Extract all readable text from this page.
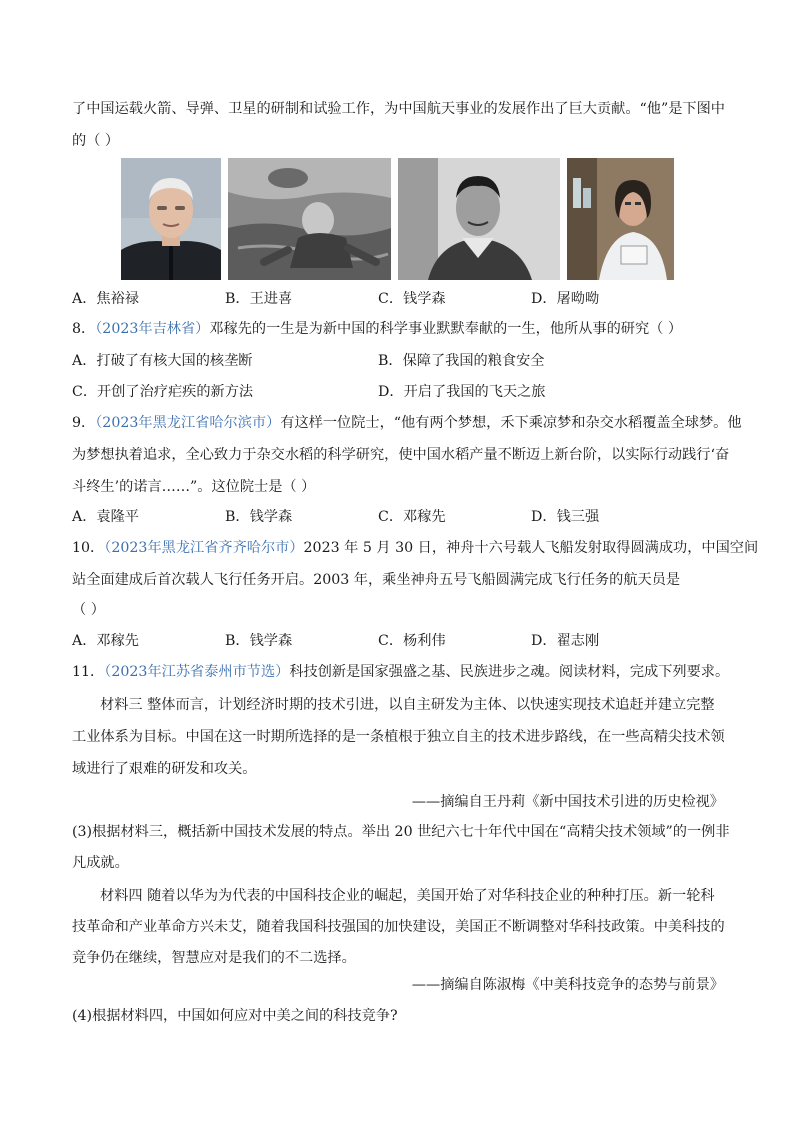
了中国运载火箭、导弹、卫星的研制和试验工作，为中国航天事业的发展作出了巨大贡献。“他”是下图中
的（ ）
A．焦裕禄	B．王进喜	C．钱学森	D．屠呦呦
8．（2023年吉林省）邓稼先的一生是为新中国的科学事业默默奉献的一生，他所从事的研究（ ）
A．打破了有核大国的核垄断	B．保障了我国的粮食安全
C．开创了治疗疟疾的新方法	D．开启了我国的飞天之旅
9．（2023年黑龙江省哈尔滨市）有这样一位院士，“他有两个梦想，禾下乘凉梦和杂交水稻覆盖全球梦。他
为梦想执着追求，全心致力于杂交水稻的科学研究，使中国水稻产量不断迈上新台阶，以实际行动践行‘奋
斗终生’的诺言……”。这位院士是（ ）
A．袁隆平	B．钱学森	C．邓稼先	D．钱三强
10．（2023年黑龙江省齐齐哈尔市）2023 年 5 月 30 日，神舟十六号载人飞船发射取得圆满成功，中国空间
站全面建成后首次载人飞行任务开启。2003 年，乘坐神舟五号飞船圆满完成飞行任务的航天员是
（ ）
A．邓稼先	B．钱学森	C．杨利伟	D．翟志刚
11．（2023年江苏省泰州市节选）科技创新是国家强盛之基、民族进步之魂。阅读材料，完成下列要求。
材料三 整体而言，计划经济时期的技术引进，以自主研发为主体、以快速实现技术追赶并建立完整
工业体系为目标。中国在这一时期所选择的是一条植根于独立自主的技术进步路线，在一些高精尖技术领
域进行了艰难的研发和攻关。
——摘编自王丹莉《新中国技术引进的历史检视》
(3)根据材料三，概括新中国技术发展的特点。举出 20 世纪六七十年代中国在“高精尖技术领域”的一例非
凡成就。
材料四 随着以华为为代表的中国科技企业的崛起，美国开始了对华科技企业的种种打压。新一轮科
技革命和产业革命方兴未艾，随着我国科技强国的加快建设，美国正不断调整对华科技政策。中美科技的
竞争仍在继续，智慧应对是我们的不二选择。
——摘编自陈淑梅《中美科技竞争的态势与前景》
(4)根据材料四，中国如何应对中美之间的科技竞争?
